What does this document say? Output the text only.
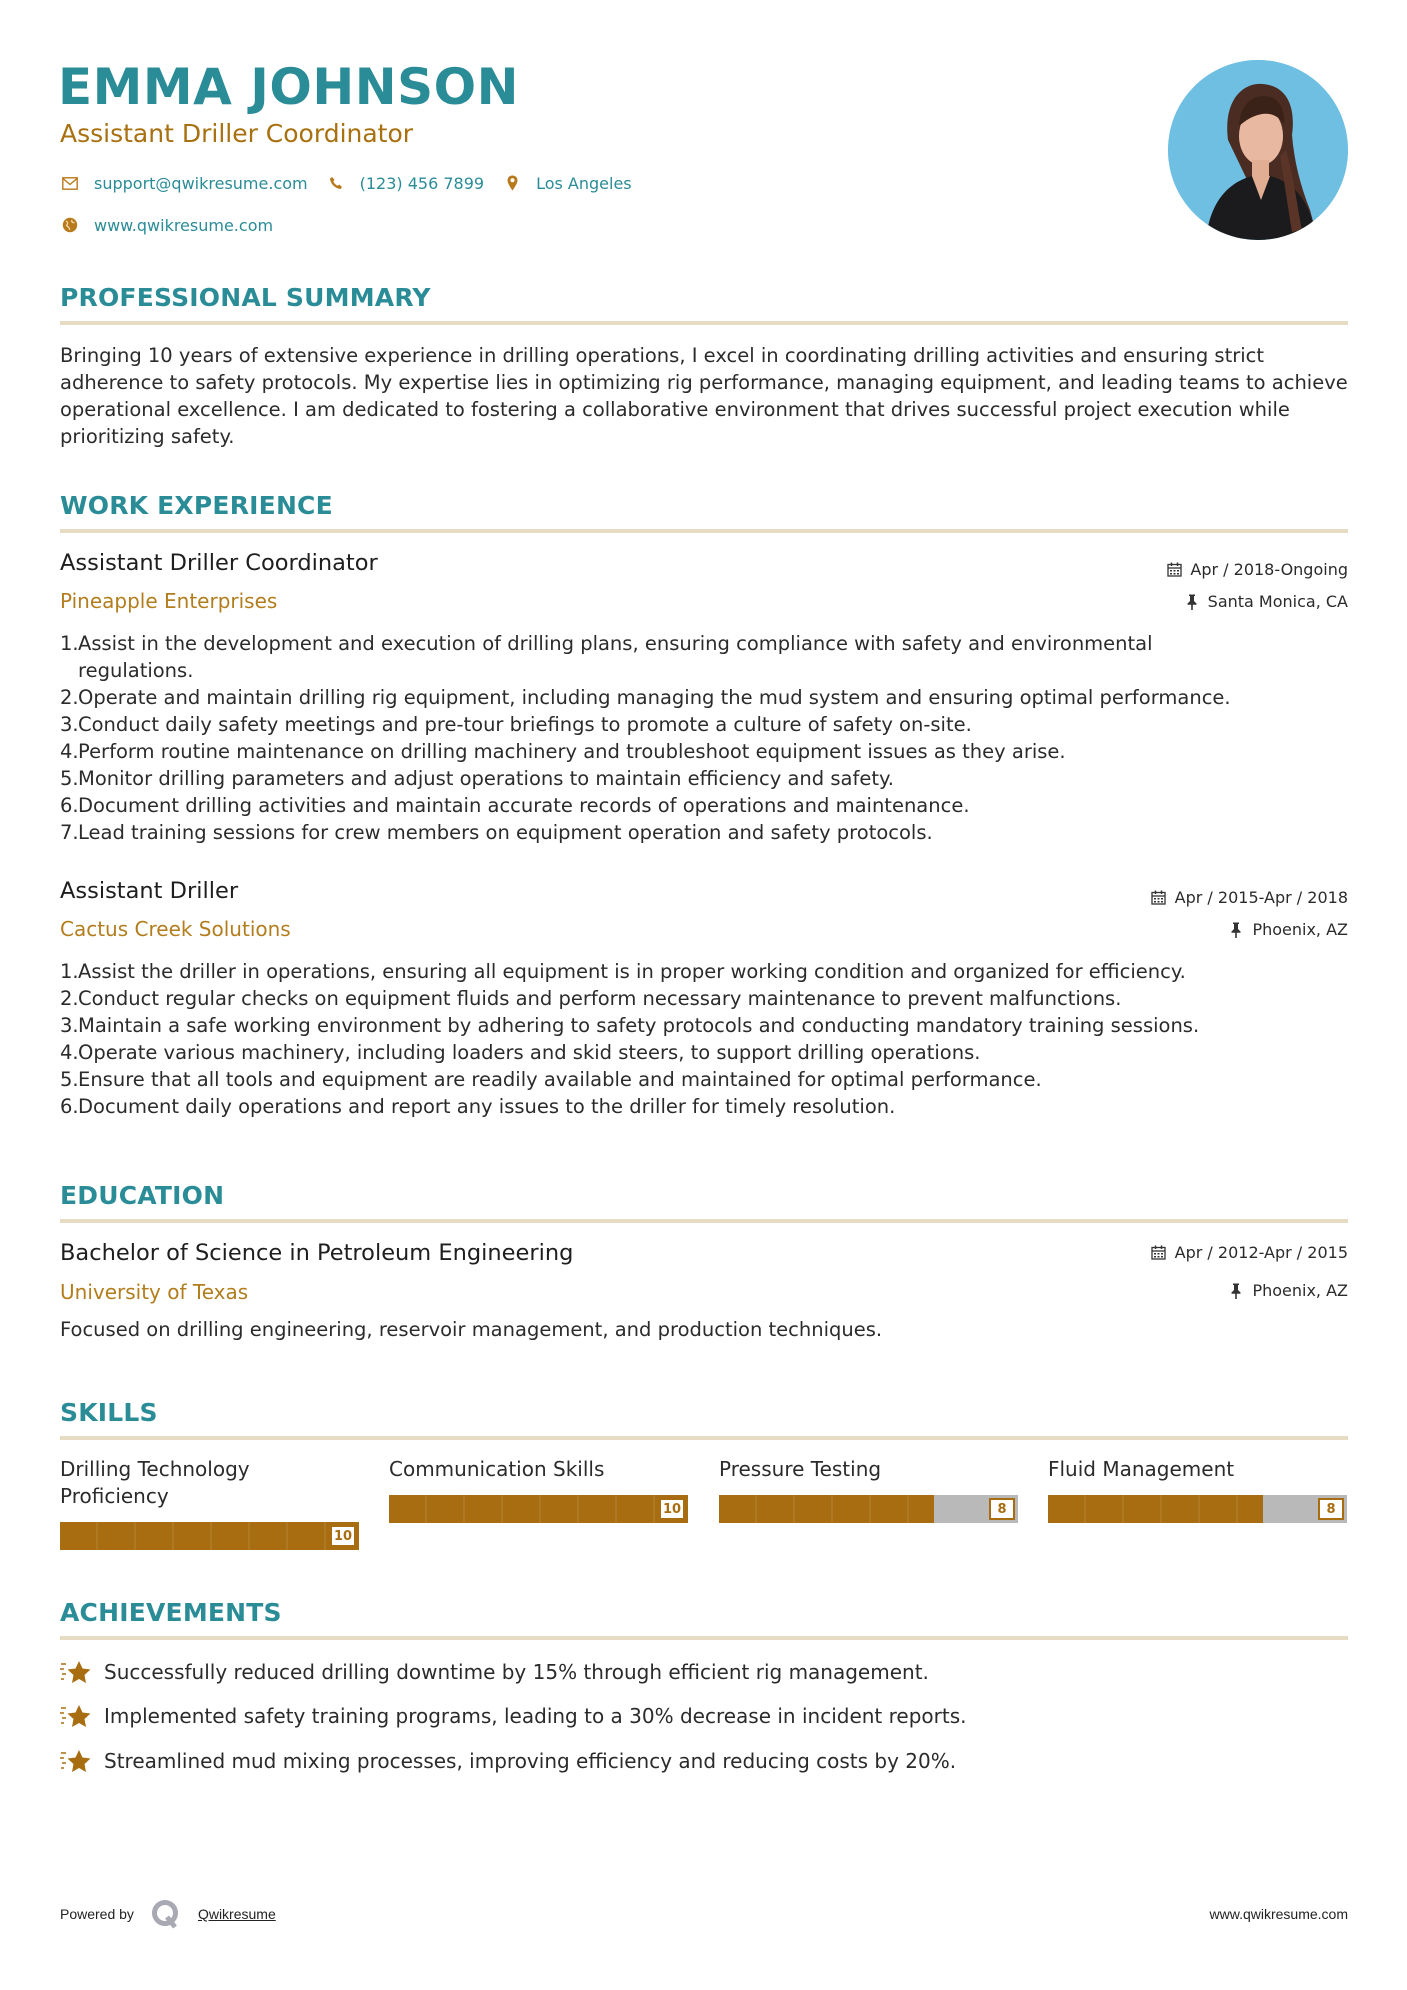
EMMA JOHNSON
Assistant Driller Coordinator
support@qwikresume.com	(123) 456 7899	Los Angeles
www.qwikresume.com
PROFESSIONAL SUMMARY
Bringing 10 years of extensive experience in drilling operations, I excel in coordinating drilling activities and ensuring strict adherence to safety protocols. My expertise lies in optimizing rig performance, managing equipment, and leading teams to achieve operational excellence. I am dedicated to fostering a collaborative environment that drives successful project execution while prioritizing safety.
WORK EXPERIENCE
Assistant Driller Coordinator
Pineapple Enterprises
Apr / 2018-Ongoing
Santa Monica, CA
1. Assist in the development and execution of drilling plans, ensuring compliance with safety and environmental regulations.
2. Operate and maintain drilling rig equipment, including managing the mud system and ensuring optimal performance.
3. Conduct daily safety meetings and pre-tour briefings to promote a culture of safety on-site.
4. Perform routine maintenance on drilling machinery and troubleshoot equipment issues as they arise.
5. Monitor drilling parameters and adjust operations to maintain efficiency and safety.
6. Document drilling activities and maintain accurate records of operations and maintenance.
7. Lead training sessions for crew members on equipment operation and safety protocols.
Assistant Driller
Cactus Creek Solutions
Apr / 2015-Apr / 2018
Phoenix, AZ
1. Assist the driller in operations, ensuring all equipment is in proper working condition and organized for efficiency.
2. Conduct regular checks on equipment fluids and perform necessary maintenance to prevent malfunctions.
3. Maintain a safe working environment by adhering to safety protocols and conducting mandatory training sessions.
4. Operate various machinery, including loaders and skid steers, to support drilling operations.
5. Ensure that all tools and equipment are readily available and maintained for optimal performance.
6. Document daily operations and report any issues to the driller for timely resolution.
EDUCATION
Bachelor of Science in Petroleum Engineering
University of Texas
Apr / 2012-Apr / 2015
Phoenix, AZ
Focused on drilling engineering, reservoir management, and production techniques.
SKILLS
Drilling Technology Proficiency
10
Communication Skills
10
Pressure Testing
8
Fluid Management
8
ACHIEVEMENTS
Successfully reduced drilling downtime by 15% through efficient rig management.
Implemented safety training programs, leading to a 30% decrease in incident reports.
Streamlined mud mixing processes, improving efficiency and reducing costs by 20%.
Powered by	Qwikresume	www.qwikresume.com
